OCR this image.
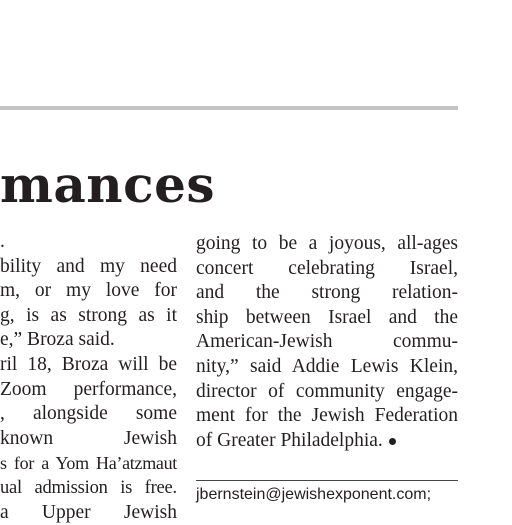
mances
.
bility and my need
m, or my love for
g, is as strong as it
e,” Broza said.
ril 18, Broza will be
Zoom performance,
, alongside some
known Jewish
s for a Yom Ha’atzmaut
ual admission is free.
a Upper Jewish
going to be a joyous, all-ages
concert celebrating Israel,
and the strong relation-
ship between Israel and the
American-Jewish commu-
nity,” said Addie Lewis Klein,
director of community engage-
ment for the Jewish Federation
of Greater Philadelphia.
jbernstein@jewishexponent.com;
